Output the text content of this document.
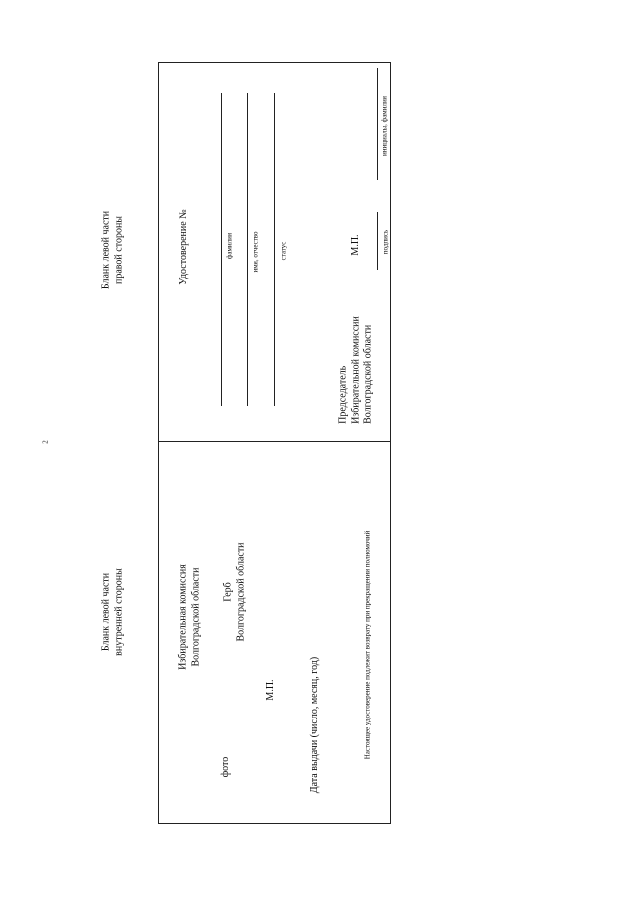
2
Бланк левой части правой стороны
Бланк левой части внутренней стороны
Удостоверение №	фамилия	имя, отчество	статус
Председатель Избирательной комиссии Волгоградской области
М.П.	подпись
инициалы, фамилия
Избирательная комиссия Волгоградской области
фото
Герб Волгоградской области
М.П.	Дата выдачи (число, месяц, год)	Настоящее удостоверение подлежит возврату при прекращении полномочий
